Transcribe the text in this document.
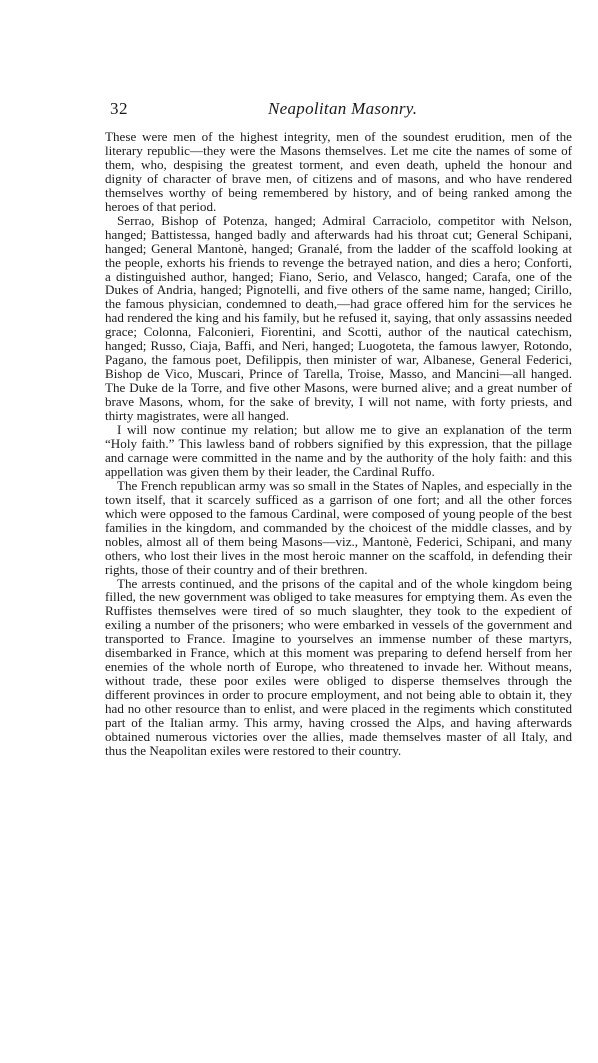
32	Neapolitan Masonry.

These were men of the highest integrity, men of the soundest erudition, men of the literary republic—they were the Masons themselves. Let me cite the names of some of them, who, despising the greatest torment, and even death, upheld the honour and dignity of character of brave men, of citizens and of masons, and who have rendered themselves worthy of being remembered by history, and of being ranked among the heroes of that period.

Serrao, Bishop of Potenza, hanged; Admiral Carraciolo, competitor with Nelson, hanged; Battistessa, hanged badly and afterwards had his throat cut; General Schipani, hanged; General Mantonè, hanged; Granalé, from the ladder of the scaffold looking at the people, exhorts his friends to revenge the betrayed nation, and dies a hero; Conforti, a distinguished author, hanged; Fiano, Serio, and Velasco, hanged; Carafa, one of the Dukes of Andria, hanged; Pignotelli, and five others of the same name, hanged; Cirillo, the famous physician, condemned to death,—had grace offered him for the services he had rendered the king and his family, but he refused it, saying, that only assassins needed grace; Colonna, Falconieri, Fiorentini, and Scotti, author of the nautical catechism, hanged; Russo, Ciaja, Baffi, and Neri, hanged; Luogoteta, the famous lawyer, Rotondo, Pagano, the famous poet, Defilippis, then minister of war, Albanese, General Federici, Bishop de Vico, Muscari, Prince of Tarella, Troise, Masso, and Mancini—all hanged. The Duke de la Torre, and five other Masons, were burned alive; and a great number of brave Masons, whom, for the sake of brevity, I will not name, with forty priests, and thirty magistrates, were all hanged.

I will now continue my relation; but allow me to give an explanation of the term “Holy faith.” This lawless band of robbers signified by this expression, that the pillage and carnage were committed in the name and by the authority of the holy faith: and this appellation was given them by their leader, the Cardinal Ruffo.

The French republican army was so small in the States of Naples, and especially in the town itself, that it scarcely sufficed as a garrison of one fort; and all the other forces which were opposed to the famous Cardinal, were composed of young people of the best families in the kingdom, and commanded by the choicest of the middle classes, and by nobles, almost all of them being Masons—viz., Mantonè, Federici, Schipani, and many others, who lost their lives in the most heroic manner on the scaffold, in defending their rights, those of their country and of their brethren.

The arrests continued, and the prisons of the capital and of the whole kingdom being filled, the new government was obliged to take measures for emptying them. As even the Ruffistes themselves were tired of so much slaughter, they took to the expedient of exiling a number of the prisoners; who were embarked in vessels of the government and transported to France. Imagine to yourselves an immense number of these martyrs, disembarked in France, which at this moment was preparing to defend herself from her enemies of the whole north of Europe, who threatened to invade her. Without means, without trade, these poor exiles were obliged to disperse themselves through the different provinces in order to procure employment, and not being able to obtain it, they had no other resource than to enlist, and were placed in the regiments which constituted part of the Italian army. This army, having crossed the Alps, and having afterwards obtained numerous victories over the allies, made themselves master of all Italy, and thus the Neapolitan exiles were restored to their country.
